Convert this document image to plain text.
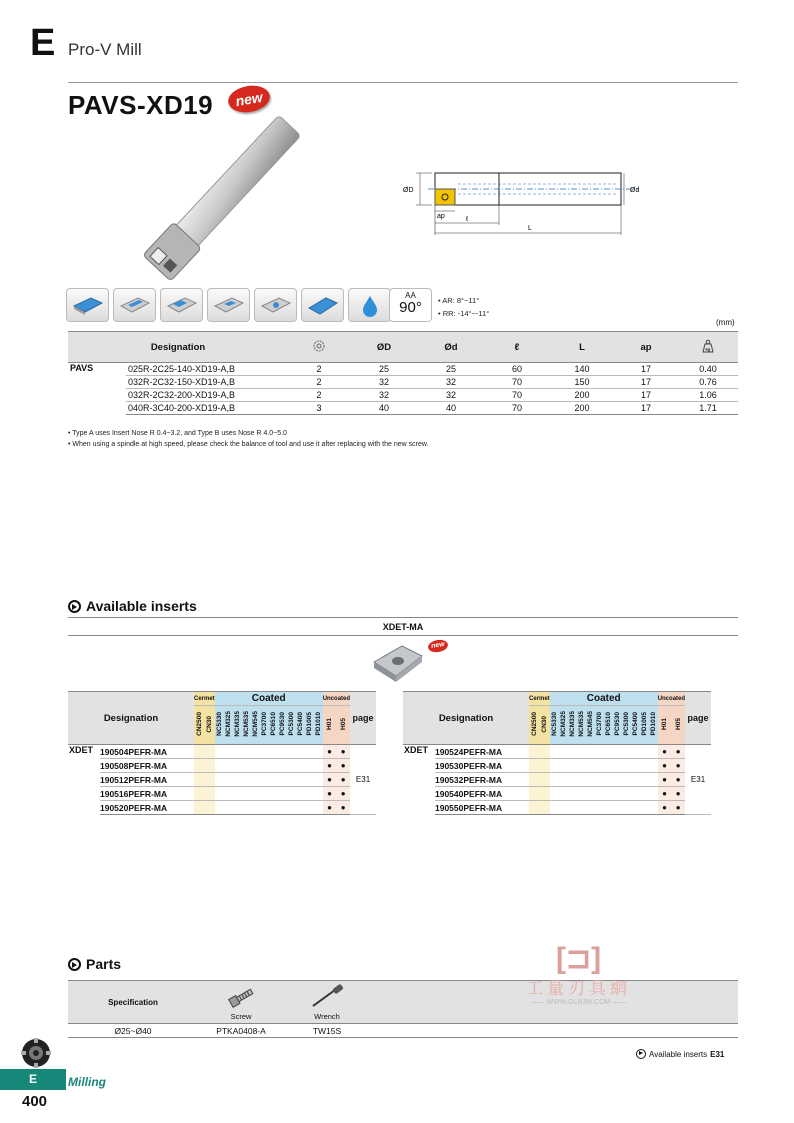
E Pro-V Mill
PAVS-XD19	new
ØD	Ød
ap	ℓ
L
AA
90°	• AR: 8°~11°
• RR: -14°~-11°
(mm)
Designation			ØD	Ød	ℓ	L	ap	kg

PAVS	025R-2C25-140-XD19-A,B	2	25	25	60	140	17	0.40
	032R-2C32-150-XD19-A,B	2	32	32	70	150	17	0.76
	032R-2C32-200-XD19-A,B	2	32	32	70	200	17	1.06
	040R-3C40-200-XD19-A,B	3	40	40	70	200	17	1.71
• Type A uses Insert Nose R 0.4~3.2, and Type B uses Nose R 4.0~5.0
• When using a spindle at high speed, please check the balance of tool and use it after replacing with the new screw.
Available inserts
XDET-MA
new
Designation		Cermet		Coated												Uncoated		page
		CN2500	CN30	NC5330	NCM325	NCM335	NCM535	NCM545	PC3700	PC6510	PC9530	PC5300	PC5400	PD1005	PD1010	H01	H05	
XDET	190504PEFR-MA															●	●	E31
	190508PEFR-MA															●	●	
	190512PEFR-MA															●	●	
	190516PEFR-MA															●	●	
	190520PEFR-MA															●	●	
Designation		Cermet		Coated												Uncoated		page
		CN2500	CN30	NC5330	NCM325	NCM335	NCM535	NCM545	PC3700	PC6510	PC9530	PC5300	PC5400	PD1005	PD1010	H01	H05	
XDET	190524PEFR-MA															●	●	E31
	190530PEFR-MA															●	●	
	190532PEFR-MA															●	●	
	190540PEFR-MA															●	●	
	190550PEFR-MA															●	●	
Parts
Specification	Screw	Wrench	

Ø25~Ø40	PTKA0408-A	TW15S	
[⊐]
工量刃具網
—— WWW.GLRJW.COM ——
Available inserts E31
E	Milling
400
